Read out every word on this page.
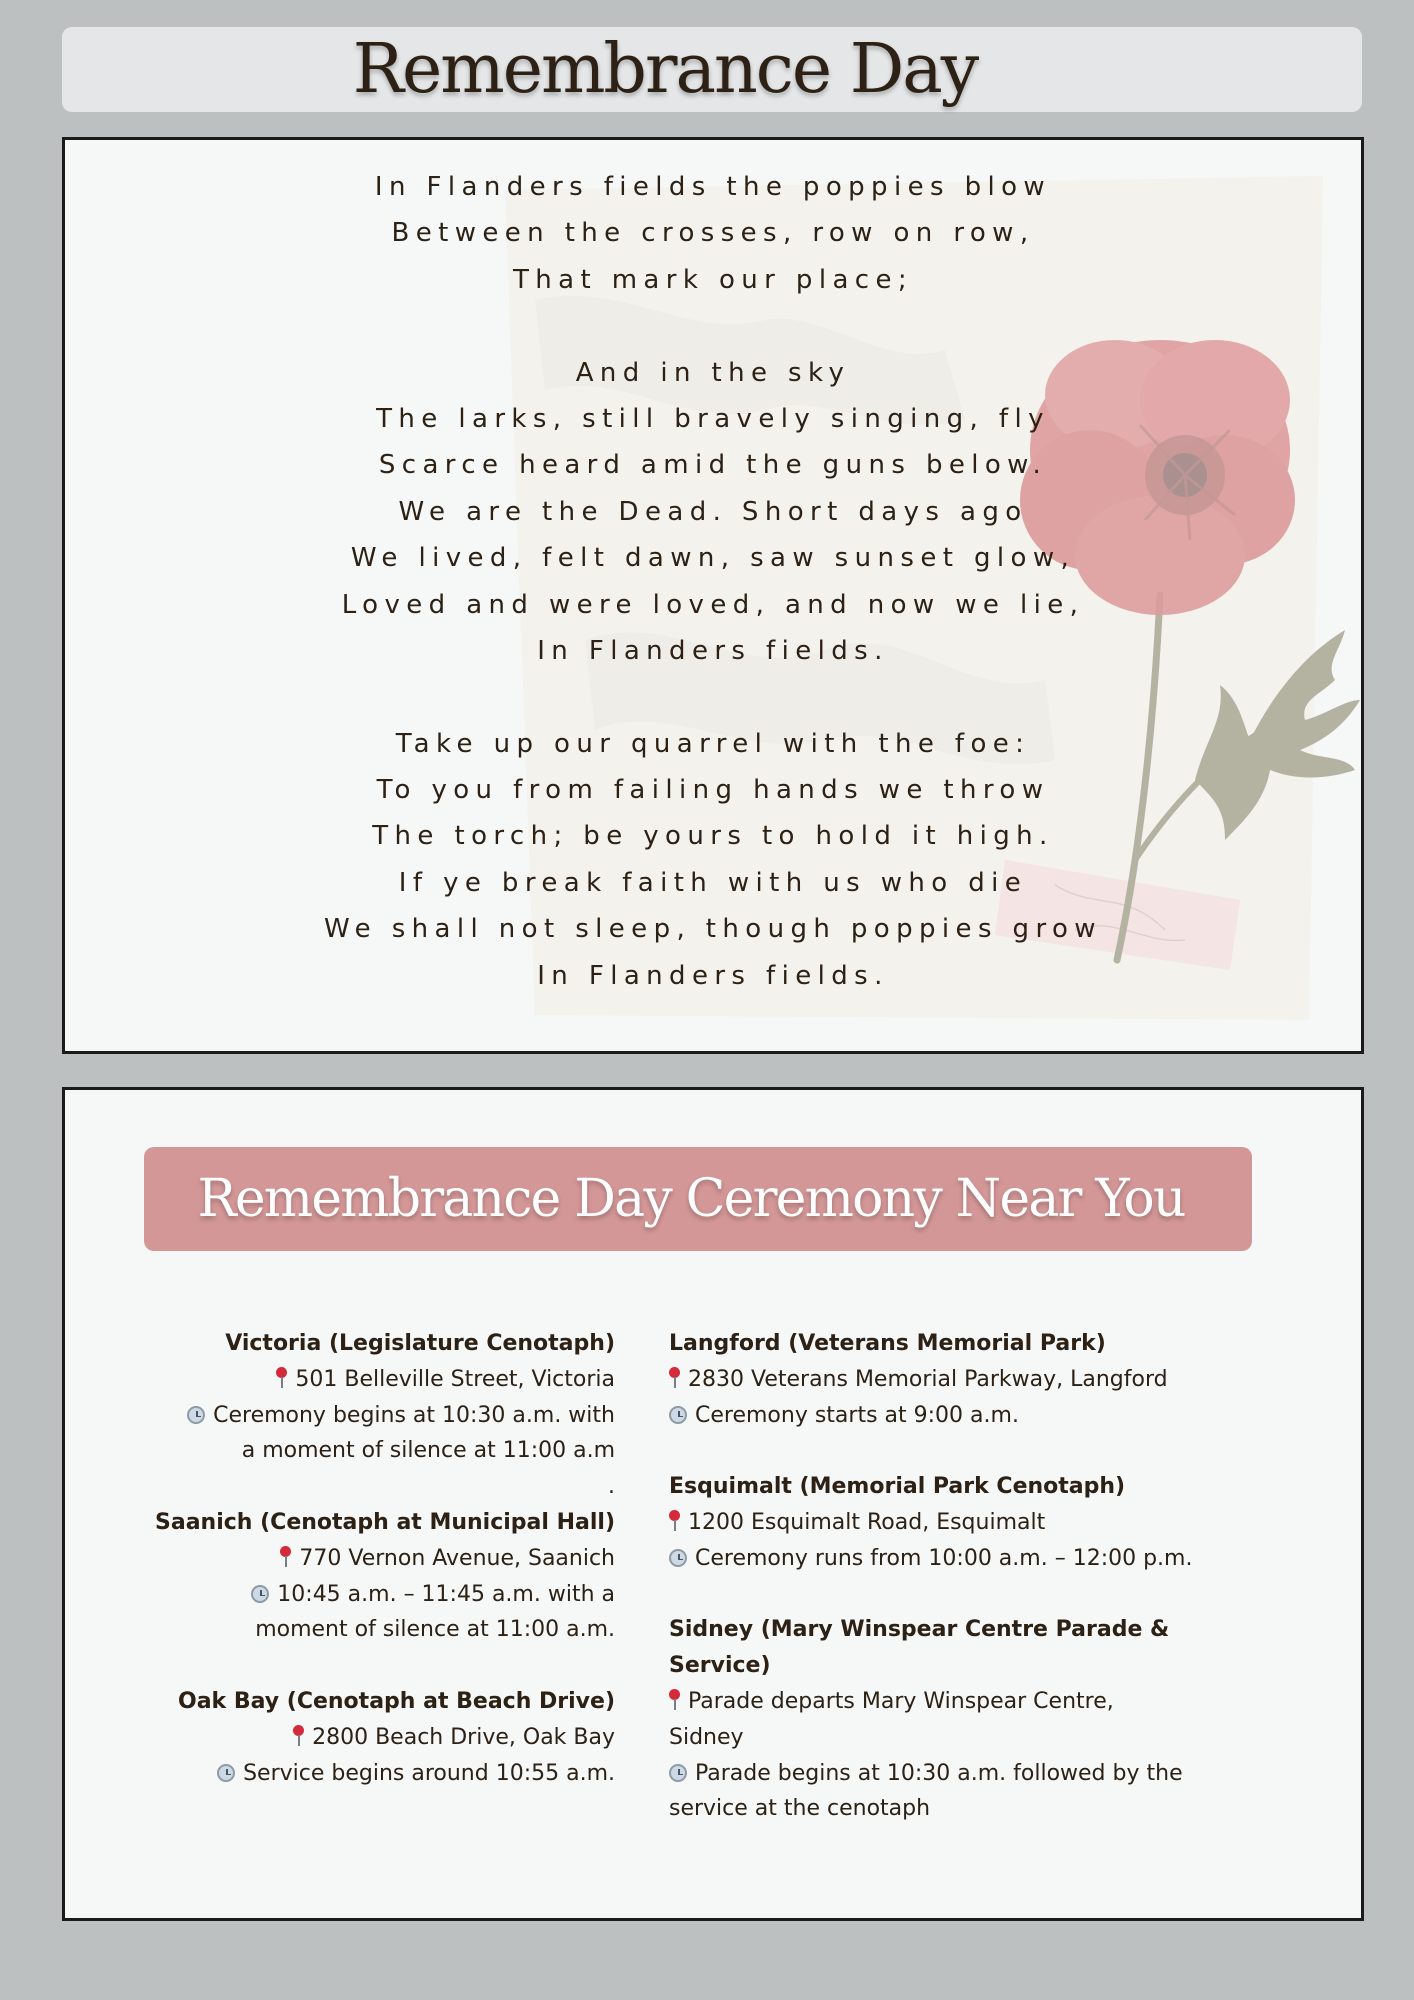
Remembrance Day
In Flanders fields the poppies blow
Between the crosses, row on row,
That mark our place;
And in the sky
The larks, still bravely singing, fly
Scarce heard amid the guns below.
We are the Dead. Short days ago
We lived, felt dawn, saw sunset glow,
Loved and were loved, and now we lie,
In Flanders fields.
Take up our quarrel with the foe:
To you from failing hands we throw
The torch; be yours to hold it high.
If ye break faith with us who die
We shall not sleep, though poppies grow
In Flanders fields.
Remembrance Day Ceremony Near You
Victoria (Legislature Cenotaph)
501 Belleville Street, Victoria
Ceremony begins at 10:30 a.m. with
a moment of silence at 11:00 a.m
.
Saanich (Cenotaph at Municipal Hall)
770 Vernon Avenue, Saanich
10:45 a.m. – 11:45 a.m. with a
moment of silence at 11:00 a.m.
Oak Bay (Cenotaph at Beach Drive)
2800 Beach Drive, Oak Bay
Service begins around 10:55 a.m.
Langford (Veterans Memorial Park)
2830 Veterans Memorial Parkway, Langford
Ceremony starts at 9:00 a.m.
Esquimalt (Memorial Park Cenotaph)
1200 Esquimalt Road, Esquimalt
Ceremony runs from 10:00 a.m. – 12:00 p.m.
Sidney (Mary Winspear Centre Parade &
Service)
Parade departs Mary Winspear Centre,
Sidney
Parade begins at 10:30 a.m. followed by the
service at the cenotaph
